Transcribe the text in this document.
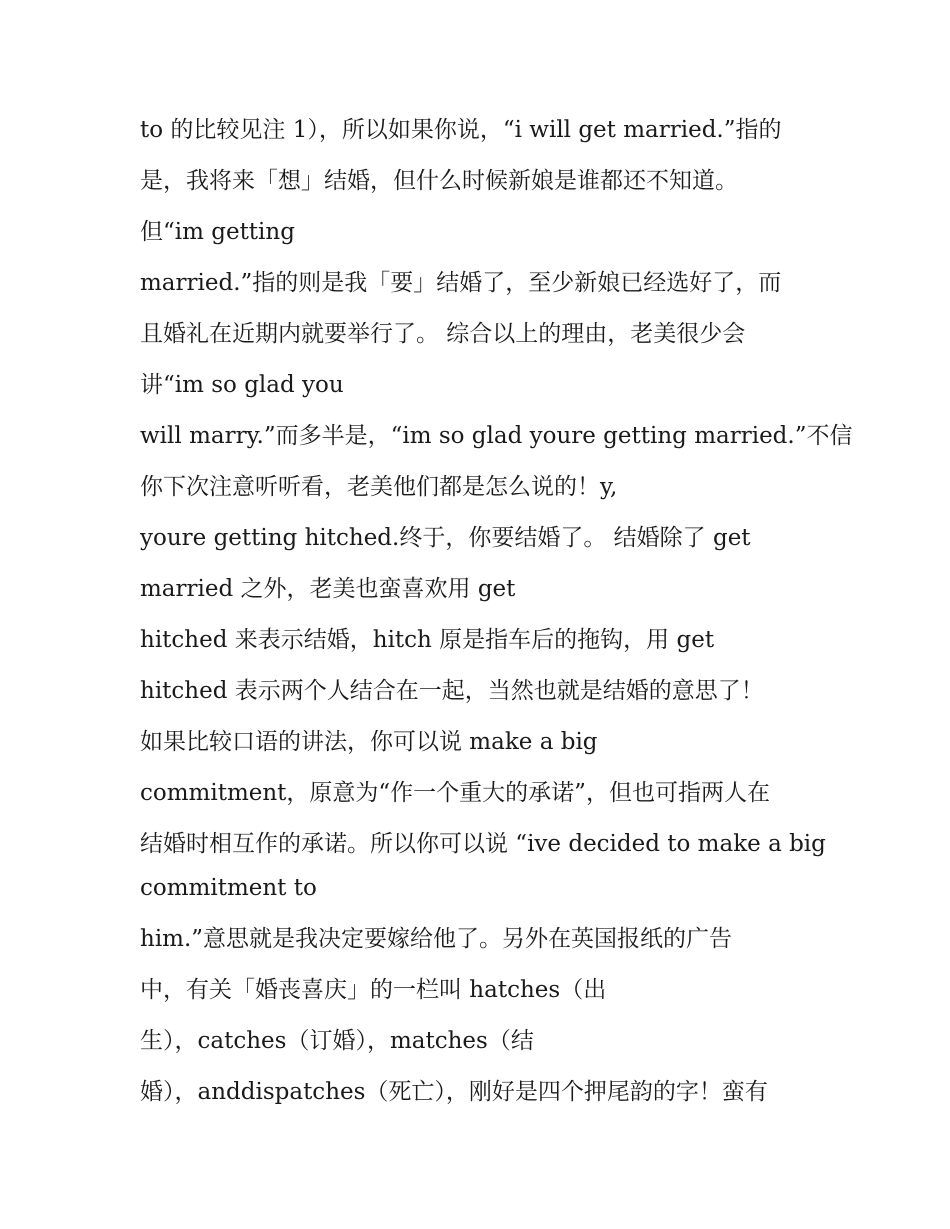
to 的比较见注 1），所以如果你说，“i will get married.”指的
是，我将来「想」结婚，但什么时候新娘是谁都还不知道。
但“im getting
married.”指的则是我「要」结婚了，至少新娘已经选好了，而
且婚礼在近期内就要举行了。 综合以上的理由，老美很少会
讲“im so glad you
will marry.”而多半是，“im so glad youre getting married.”不信
你下次注意听听看，老美他们都是怎么说的！y,
youre getting hitched.终于，你要结婚了。 结婚除了 get
married 之外，老美也蛮喜欢用 get
hitched 来表示结婚，hitch 原是指车后的拖钩，用 get
hitched 表示两个人结合在一起，当然也就是结婚的意思了！
如果比较口语的讲法，你可以说 make a big
commitment，原意为“作一个重大的承诺”，但也可指两人在
结婚时相互作的承诺。所以你可以说 “ive decided to make a big
commitment to
him.”意思就是我决定要嫁给他了。另外在英国报纸的广告
中，有关「婚丧喜庆」的一栏叫 hatches（出
生），catches（订婚），matches（结
婚），anddispatches（死亡），刚好是四个押尾韵的字！蛮有
